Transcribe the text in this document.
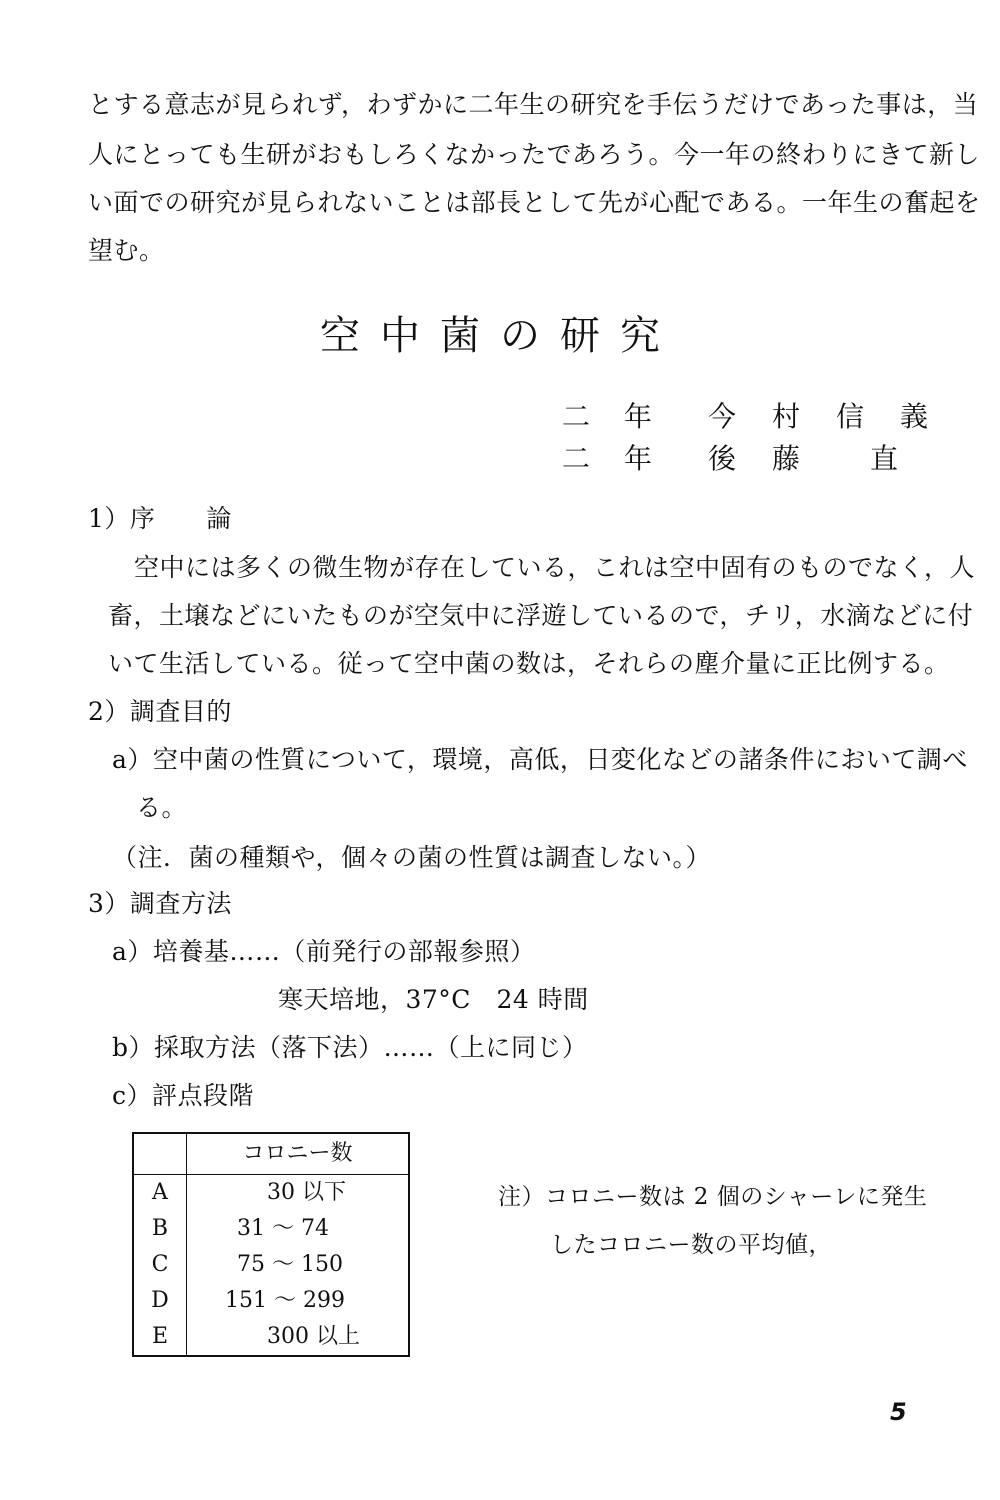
とする意志が見られず，わずかに二年生の研究を手伝うだけであった事は，当
人にとっても生研がおもしろくなかったであろう。今一年の終わりにきて新し
い面での研究が見られないことは部長として先が心配である。一年生の奮起を
望む。
空中菌の研究
二年 今村信義
二年 後藤 直
1）序　　論
空中には多くの微生物が存在している，これは空中固有のものでなく，人
畜，土壌などにいたものが空気中に浮遊しているので，チリ，水滴などに付
いて生活している。従って空中菌の数は，それらの塵介量に正比例する。
2）調査目的
a）空中菌の性質について，環境，高低，日変化などの諸条件において調べ
る。
（注．菌の種類や，個々の菌の性質は調査しない。）
3）調査方法
a）培養基……（前発行の部報参照）
寒天培地，37°C　24 時間
b）採取方法（落下法）……（上に同じ）
c）評点段階
	コロニー数
A	30 以下
B	31 ～ 74
C	75 ～ 150
D	151 ～ 299
E	300 以上
注）コロニー数は 2 個のシャーレに発生
したコロニー数の平均値，
5
